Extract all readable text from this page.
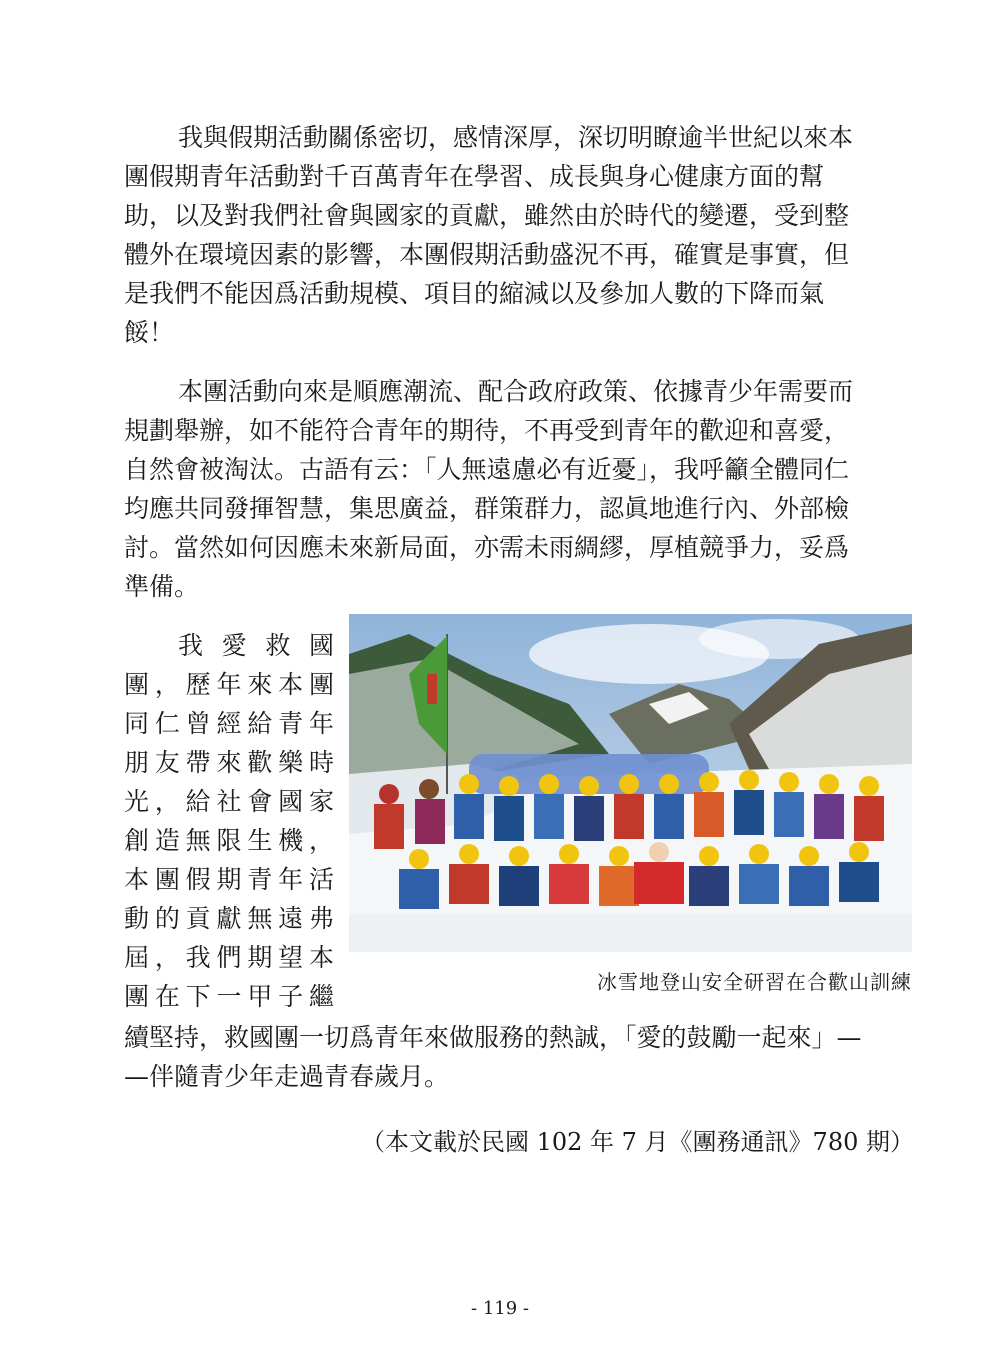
我與假期活動關係密切，感情深厚，深切明瞭逾半世紀以來本
團假期青年活動對千百萬青年在學習、成長與身心健康方面的幫
助，以及對我們社會與國家的貢獻，雖然由於時代的變遷，受到整
體外在環境因素的影響，本團假期活動盛況不再，確實是事實，但
是我們不能因爲活動規模、項目的縮減以及參加人數的下降而氣
餒！
本團活動向來是順應潮流、配合政府政策、依據青少年需要而
規劃舉辦，如不能符合青年的期待，不再受到青年的歡迎和喜愛，
自然會被淘汰。古語有云：「人無遠慮必有近憂」，我呼籲全體同仁
均應共同發揮智慧，集思廣益，群策群力，認眞地進行內、外部檢
討。當然如何因應未來新局面，亦需未雨綢繆，厚植競爭力，妥爲
準備。
我愛救國
團，歷年來本團
同仁曾經給青年
朋友帶來歡樂時
光，給社會國家
創造無限生機，
本團假期青年活
動的貢獻無遠弗
屆，我們期望本
團在下一甲子繼
續堅持，救國團一切爲青年來做服務的熱誠，「愛的鼓勵一起來」—
—伴隨青少年走過青春歲月。
冰雪地登山安全研習在合歡山訓練
（本文載於民國 102 年 7 月《團務通訊》780 期）
- 119 -
